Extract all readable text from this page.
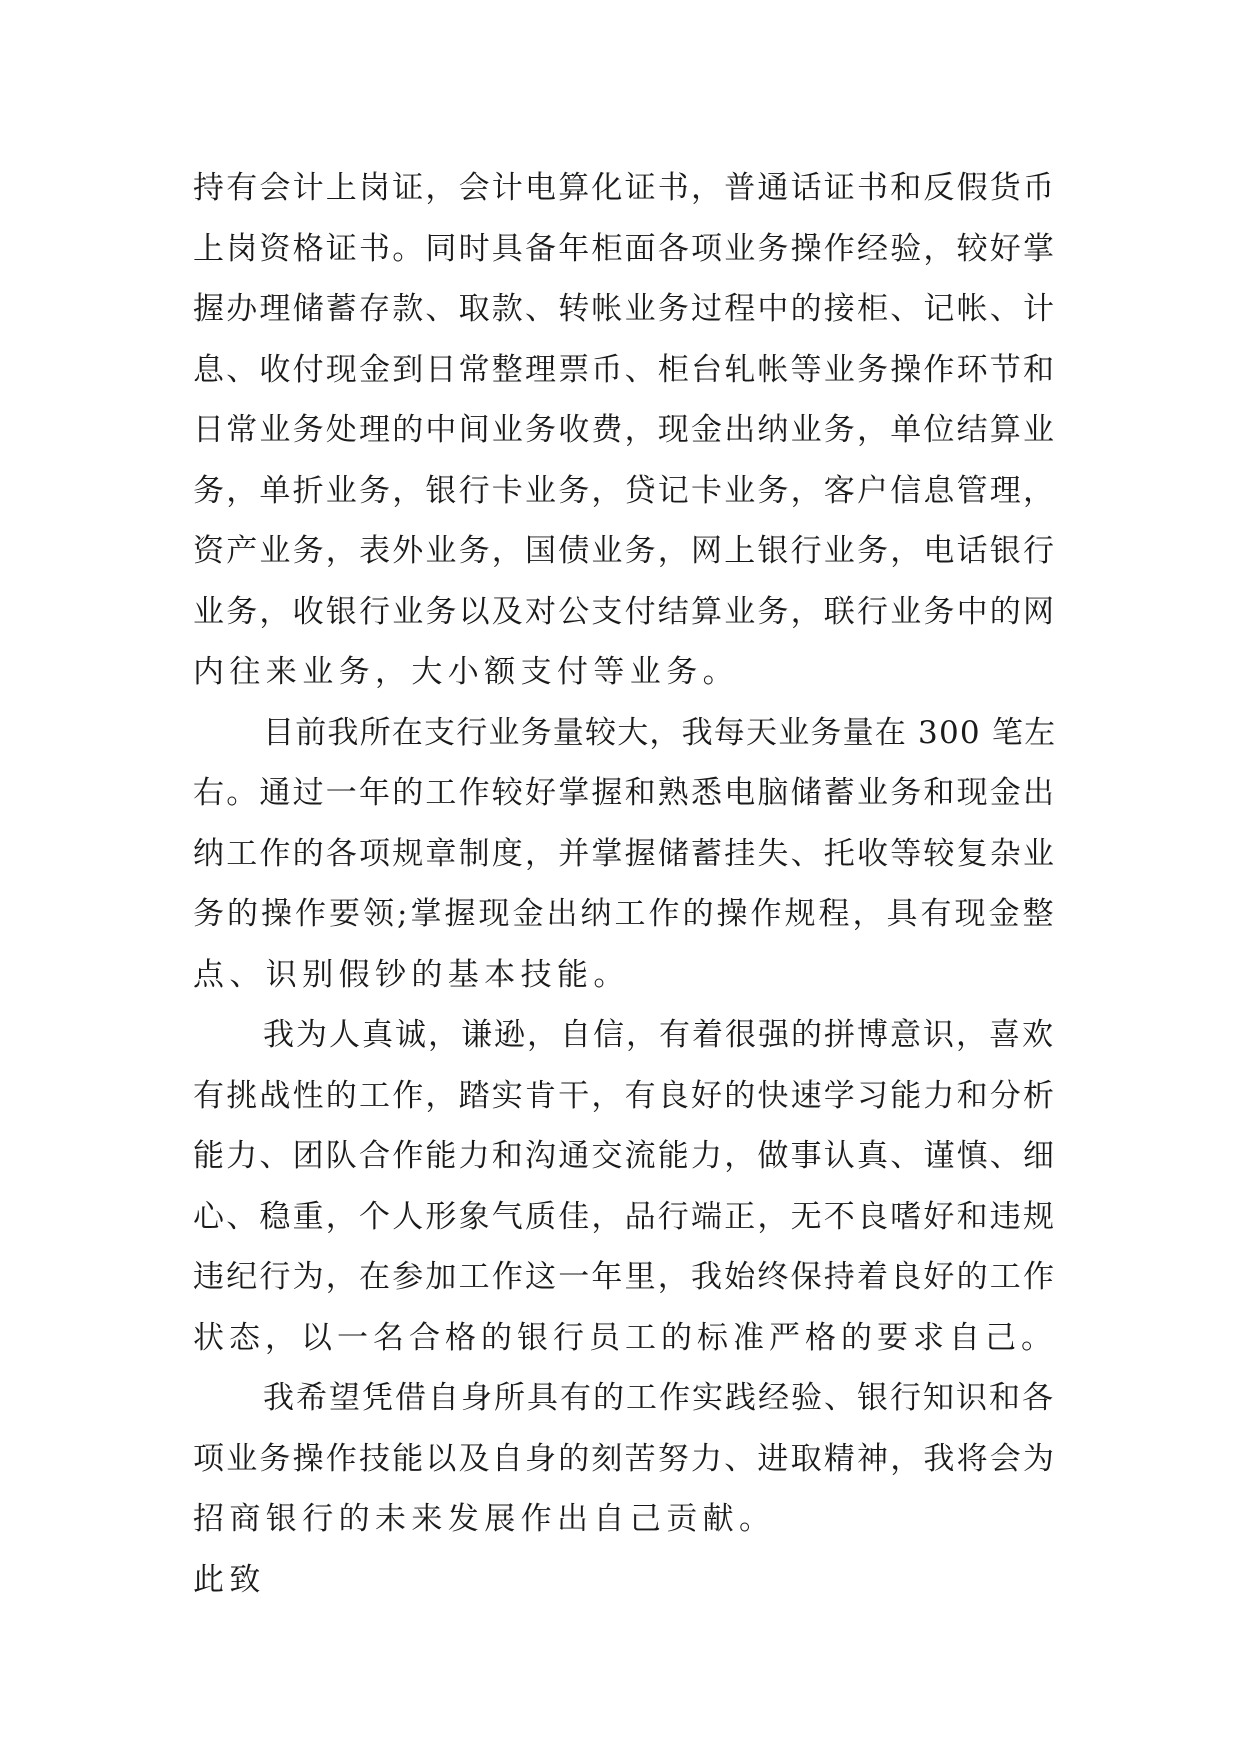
持有会计上岗证，会计电算化证书，普通话证书和反假货币
上岗资格证书。同时具备年柜面各项业务操作经验，较好掌
握办理储蓄存款、取款、转帐业务过程中的接柜、记帐、计
息、收付现金到日常整理票币、柜台轧帐等业务操作环节和
日常业务处理的中间业务收费，现金出纳业务，单位结算业
务，单折业务，银行卡业务，贷记卡业务，客户信息管理，
资产业务，表外业务，国债业务，网上银行业务，电话银行
业务，收银行业务以及对公支付结算业务，联行业务中的网
内往来业务，大小额支付等业务。
目前我所在支行业务量较大，我每天业务量在 300 笔左
右。通过一年的工作较好掌握和熟悉电脑储蓄业务和现金出
纳工作的各项规章制度，并掌握储蓄挂失、托收等较复杂业
务的操作要领;掌握现金出纳工作的操作规程，具有现金整
点、识别假钞的基本技能。
我为人真诚，谦逊，自信，有着很强的拼博意识，喜欢
有挑战性的工作，踏实肯干，有良好的快速学习能力和分析
能力、团队合作能力和沟通交流能力，做事认真、谨慎、细
心、稳重，个人形象气质佳，品行端正，无不良嗜好和违规
违纪行为，在参加工作这一年里，我始终保持着良好的工作
状态，以一名合格的银行员工的标准严格的要求自己。
我希望凭借自身所具有的工作实践经验、银行知识和各
项业务操作技能以及自身的刻苦努力、进取精神，我将会为
招商银行的未来发展作出自己贡献。
此致
